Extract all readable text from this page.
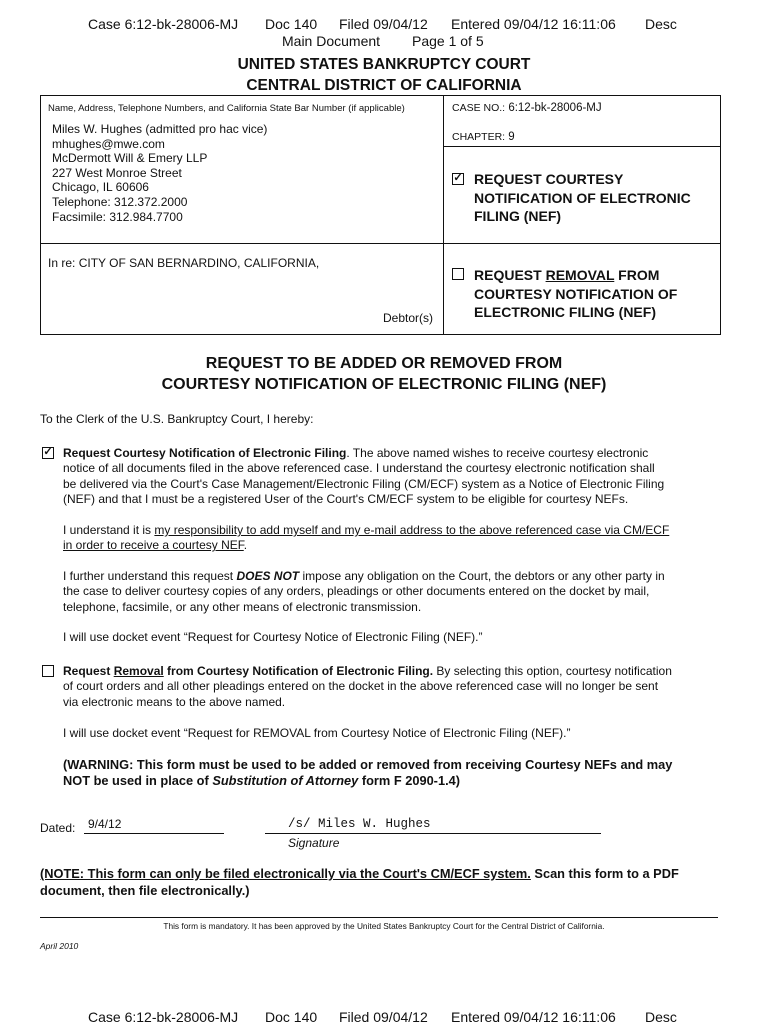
Case 6:12-bk-28006-MJ Doc 140 Filed 09/04/12 Entered 09/04/12 16:11:06 Desc
Main Document Page 1 of 5
UNITED STATES BANKRUPTCY COURT
CENTRAL DISTRICT OF CALIFORNIA
Name, Address, Telephone Numbers, and California State Bar Number (if applicable)
Miles W. Hughes (admitted pro hac vice)
mhughes@mwe.com
McDermott Will & Emery LLP
227 West Monroe Street
Chicago, IL 60606
Telephone: 312.372.2000
Facsimile: 312.984.7700
CASE NO.: 6:12-bk-28006-MJ
CHAPTER: 9
✓ REQUEST COURTESY
NOTIFICATION OF ELECTRONIC
FILING (NEF)
In re: CITY OF SAN BERNARDINO, CALIFORNIA,
Debtor(s)
REQUEST REMOVAL FROM
COURTESY NOTIFICATION OF
ELECTRONIC FILING (NEF)
REQUEST TO BE ADDED OR REMOVED FROM
COURTESY NOTIFICATION OF ELECTRONIC FILING (NEF)
To the Clerk of the U.S. Bankruptcy Court, I hereby:
✓ Request Courtesy Notification of Electronic Filing. The above named wishes to receive courtesy electronic
notice of all documents filed in the above referenced case. I understand the courtesy electronic notification shall
be delivered via the Court's Case Management/Electronic Filing (CM/ECF) system as a Notice of Electronic Filing
(NEF) and that I must be a registered User of the Court's CM/ECF system to be eligible for courtesy NEFs.
I understand it is my responsibility to add myself and my e-mail address to the above referenced case via CM/ECF
in order to receive a courtesy NEF.
I further understand this request DOES NOT impose any obligation on the Court, the debtors or any other party in
the case to deliver courtesy copies of any orders, pleadings or other documents entered on the docket by mail,
telephone, facsimile, or any other means of electronic transmission.
I will use docket event “Request for Courtesy Notice of Electronic Filing (NEF).”
Request Removal from Courtesy Notification of Electronic Filing. By selecting this option, courtesy notification
of court orders and all other pleadings entered on the docket in the above referenced case will no longer be sent
via electronic means to the above named.
I will use docket event “Request for REMOVAL from Courtesy Notice of Electronic Filing (NEF).”
(WARNING: This form must be used to be added or removed from receiving Courtesy NEFs and may
NOT be used in place of Substitution of Attorney form F 2090-1.4)
Dated: 9/4/12	/s/ Miles W. Hughes
Signature
(NOTE: This form can only be filed electronically via the Court's CM/ECF system. Scan this form to a PDF
document, then file electronically.)
This form is mandatory. It has been approved by the United States Bankruptcy Court for the Central District of California.
April 2010
Case 6:12-bk-28006-MJ Doc 140 Filed 09/04/12 Entered 09/04/12 16:11:06 Desc
